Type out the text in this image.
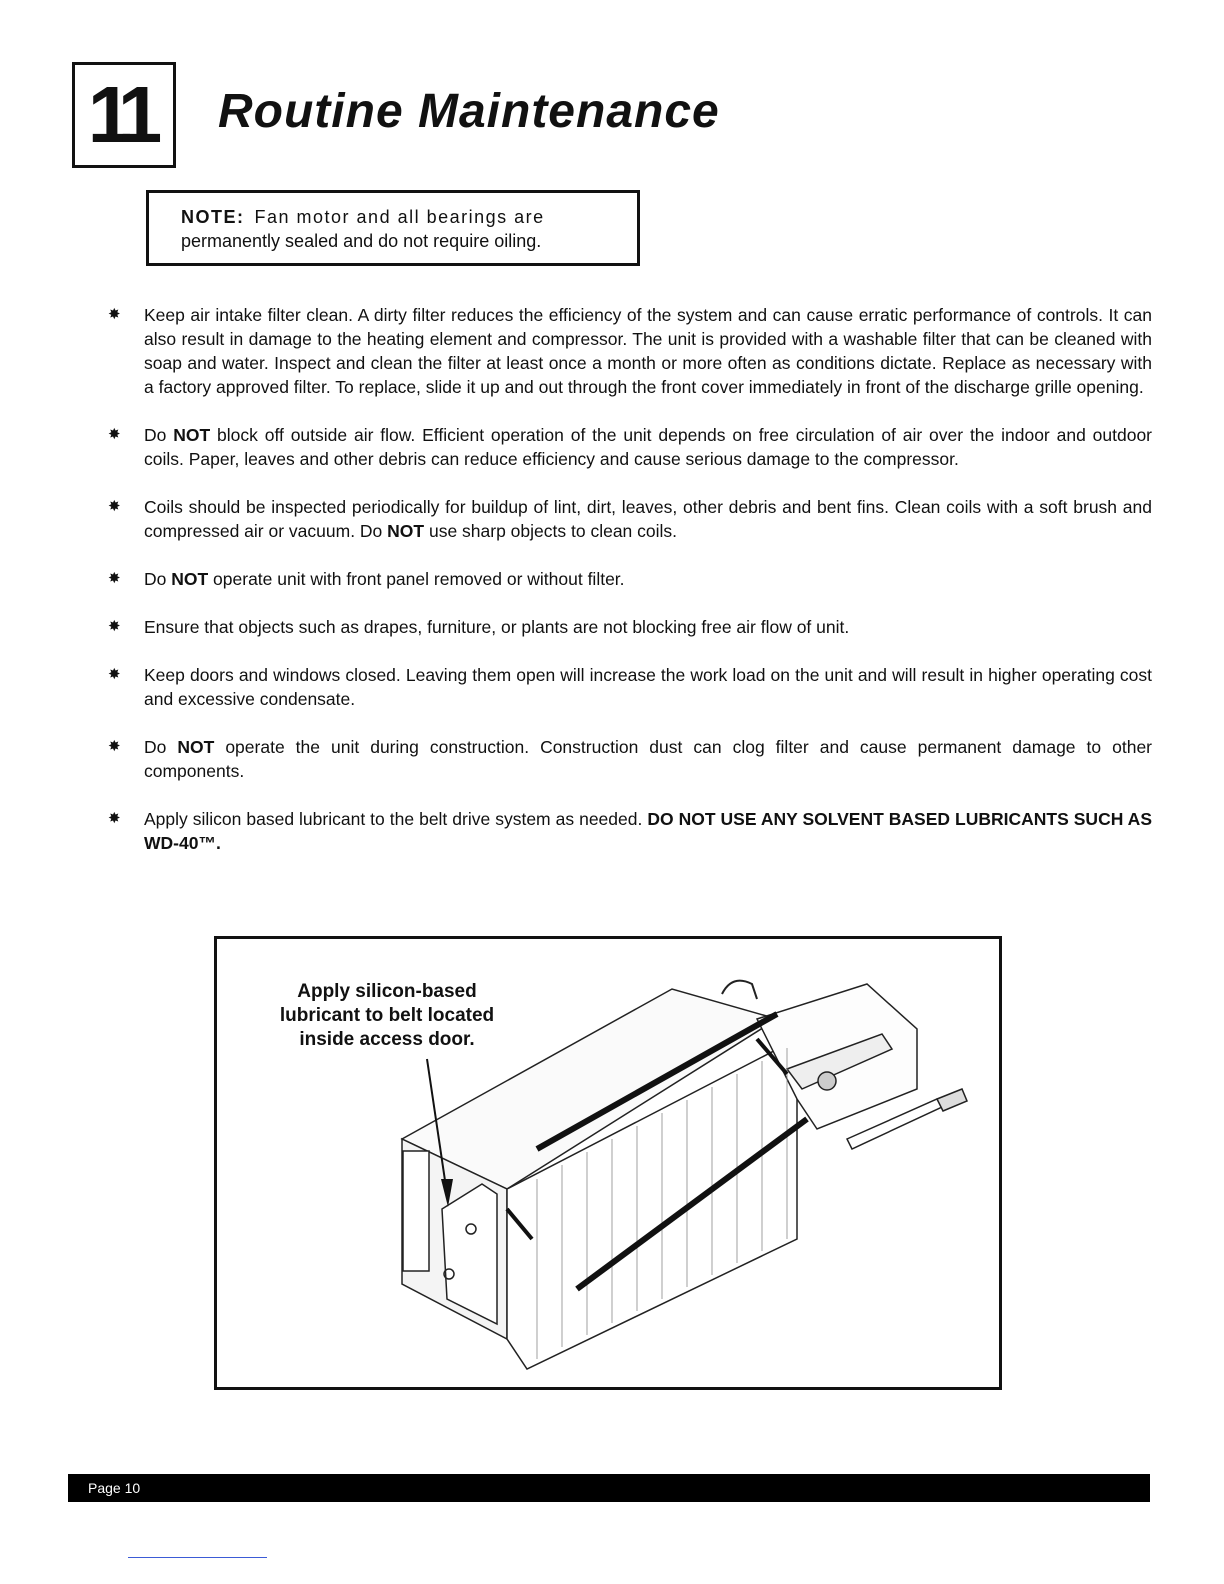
11 Routine Maintenance
NOTE: Fan motor and all bearings are
permanently sealed and do not require oiling.
✸ Keep air intake filter clean. A dirty filter reduces the efficiency of the system and can cause erratic performance of controls. It can also result in damage to the heating element and compressor. The unit is provided with a washable filter that can be cleaned with soap and water. Inspect and clean the filter at least once a month or more often as conditions dictate. Replace as necessary with a factory approved filter. To replace, slide it up and out through the front cover immediately in front of the discharge grille opening.
✸ Do NOT block off outside air flow. Efficient operation of the unit depends on free circulation of air over the indoor and outdoor coils. Paper, leaves and other debris can reduce efficiency and cause serious damage to the compressor.
✸ Coils should be inspected periodically for buildup of lint, dirt, leaves, other debris and bent fins. Clean coils with a soft brush and compressed air or vacuum. Do NOT use sharp objects to clean coils.
✸ Do NOT operate unit with front panel removed or without filter.
✸ Ensure that objects such as drapes, furniture, or plants are not blocking free air flow of unit.
✸ Keep doors and windows closed. Leaving them open will increase the work load on the unit and will result in higher operating cost and excessive condensate.
✸ Do NOT operate the unit during construction. Construction dust can clog filter and cause permanent damage to other components.
✸ Apply silicon based lubricant to the belt drive system as needed. DO NOT USE ANY SOLVENT BASED LUBRICANTS SUCH AS WD-40™.
Apply silicon-based
lubricant to belt located
inside access door.
Page 10
